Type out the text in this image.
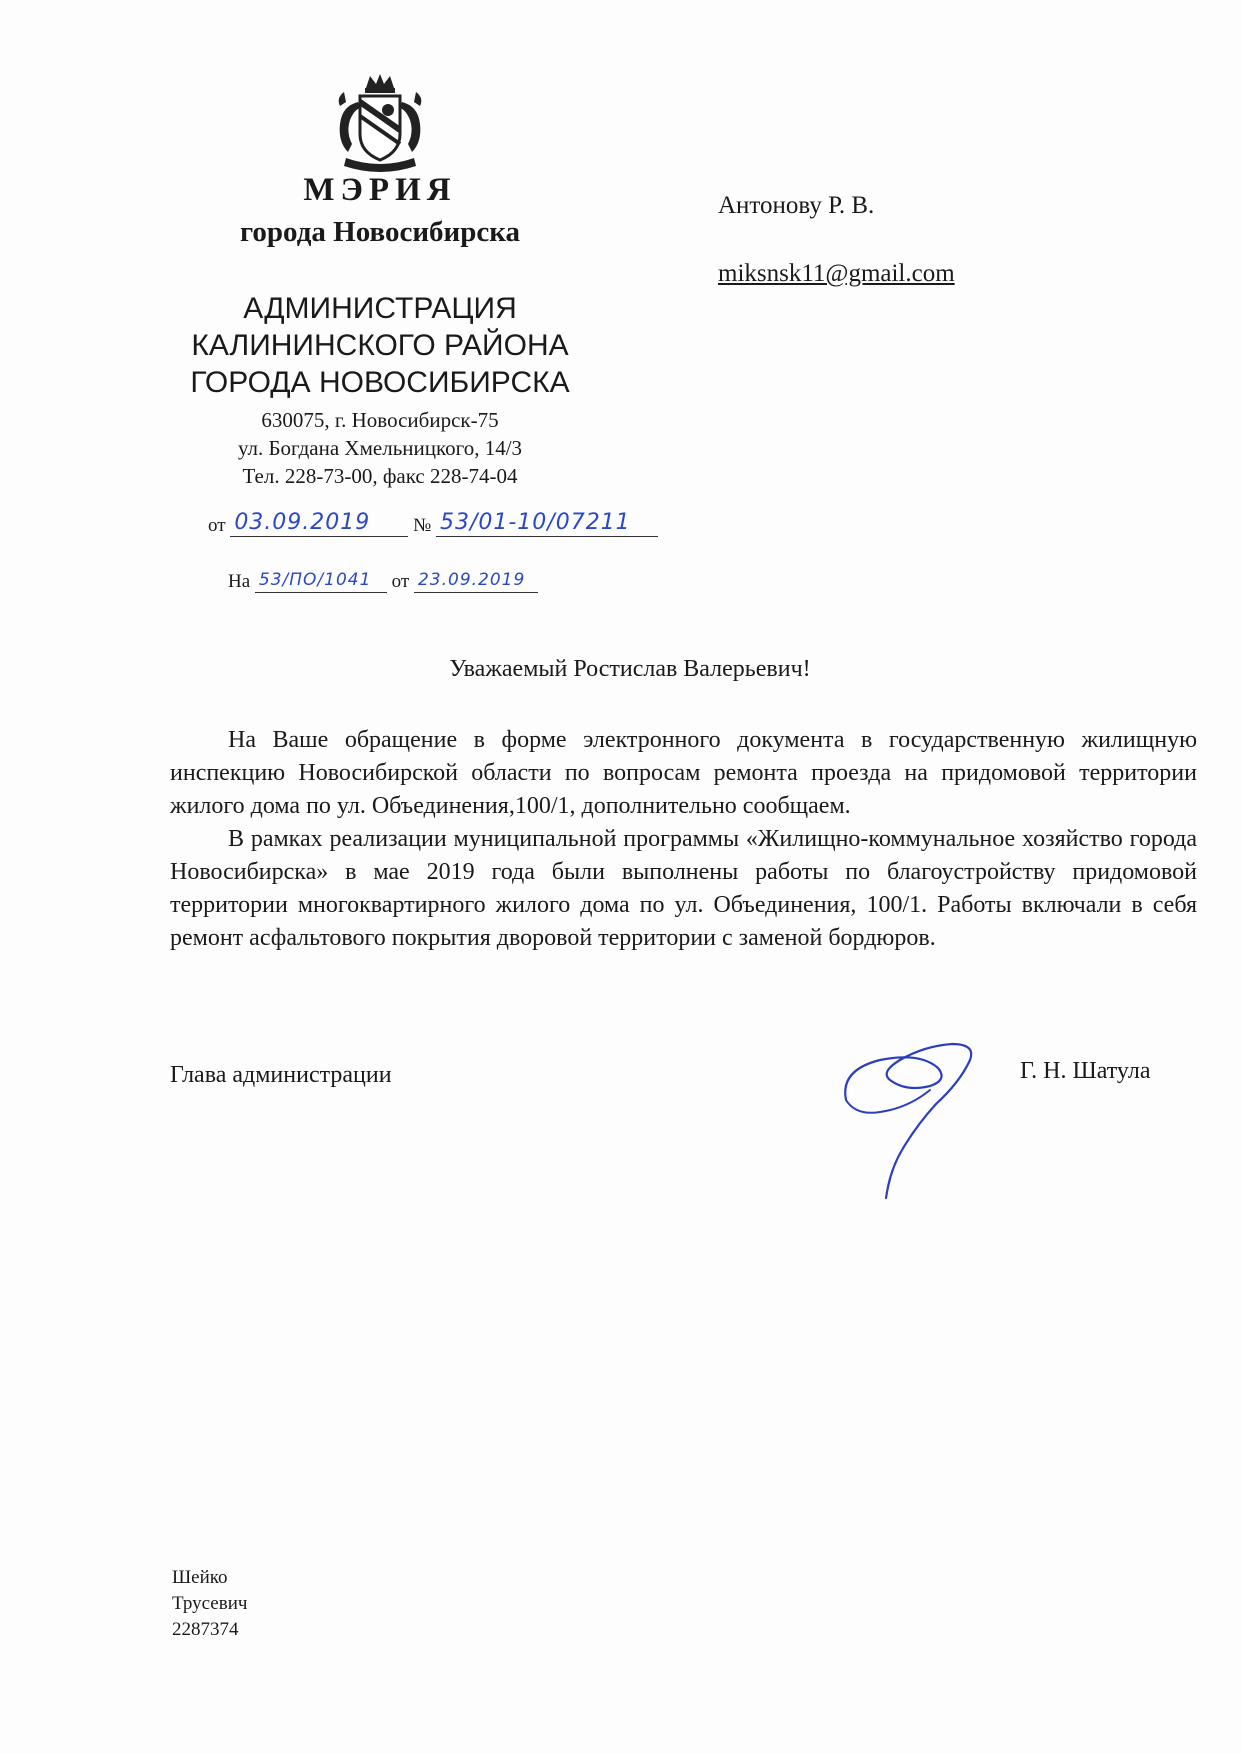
МЭРИЯ
города Новосибирска
АДМИНИСТРАЦИЯ
КАЛИНИНСКОГО РАЙОНА
ГОРОДА НОВОСИБИРСКА
630075, г. Новосибирск-75
ул. Богдана Хмельницкого, 14/3
Тел. 228-73-00, факс 228-74-04
от 03.09.2019 № 53/01-10/07211
На 53/ПО/1041 от 23.09.2019
Антонову Р. В.
miksnsk11@gmail.com
Уважаемый Ростислав Валерьевич!

На Ваше обращение в форме электронного документа в государственную жилищную инспекцию Новосибирской области по вопросам ремонта проезда на придомовой территории жилого дома по ул. Объединения,100/1, дополнительно сообщаем.

В рамках реализации муниципальной программы «Жилищно-коммунальное хозяйство города Новосибирска» в мае 2019 года были выполнены работы по благоустройству придомовой территории многоквартирного жилого дома по ул. Объединения, 100/1. Работы включали в себя ремонт асфальтового покрытия дворовой территории с заменой бордюров.

Глава администрации	Г. Н. Шатула
Шейко
Трусевич
2287374
